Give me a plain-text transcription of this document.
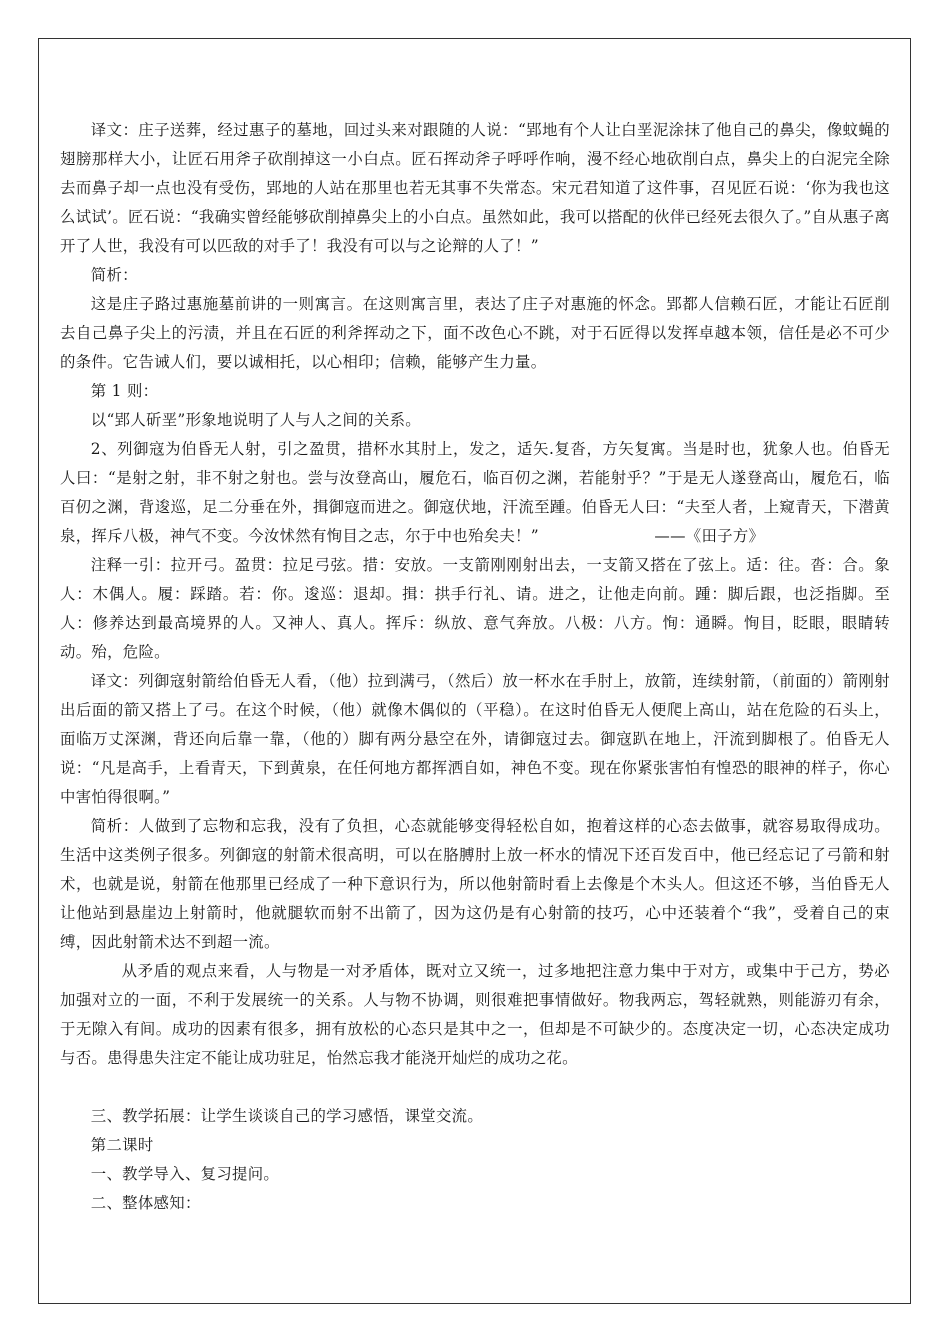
译文：庄子送葬，经过惠子的墓地，回过头来对跟随的人说：“郢地有个人让白垩泥涂抹了他自己的鼻尖，像蚊蝇的翅膀那样大小，让匠石用斧子砍削掉这一小白点。匠石挥动斧子呼呼作响，漫不经心地砍削白点，鼻尖上的白泥完全除去而鼻子却一点也没有受伤，郢地的人站在那里也若无其事不失常态。宋元君知道了这件事，召见匠石说：‘你为我也这么试试’。匠石说：“我确实曾经能够砍削掉鼻尖上的小白点。虽然如此，我可以搭配的伙伴已经死去很久了。”自从惠子离开了人世，我没有可以匹敌的对手了！我没有可以与之论辩的人了！”

简析：

这是庄子路过惠施墓前讲的一则寓言。在这则寓言里，表达了庄子对惠施的怀念。郢都人信赖石匠，才能让石匠削去自己鼻子尖上的污渍，并且在石匠的利斧挥动之下，面不改色心不跳，对于石匠得以发挥卓越本领，信任是必不可少的条件。它告诫人们，要以诚相托，以心相印；信赖，能够产生力量。

第 1 则：

以“郢人斫垩”形象地说明了人与人之间的关系。

2、列御寇为伯昏无人射，引之盈贯，措杯水其肘上，发之，适矢.复沓，方矢复寓。当是时也，犹象人也。伯昏无人曰：“是射之射，非不射之射也。尝与汝登高山，履危石，临百仞之渊，若能射乎？”于是无人遂登高山，履危石，临百仞之渊，背逡巡，足二分垂在外，揖御寇而进之。御寇伏地，汗流至踵。伯昏无人曰：“夫至人者，上窥青天，下潜黄泉，挥斥八极，神气不变。今汝怵然有恂目之志，尔于中也殆矣夫！”	——《田子方》

注释一引：拉开弓。盈贯：拉足弓弦。措：安放。一支箭刚刚射出去，一支箭又搭在了弦上。适：往。沓：合。象人：木偶人。履：踩踏。若：你。逡巡：退却。揖：拱手行礼、请。进之，让他走向前。踵：脚后跟，也泛指脚。至人：修养达到最高境界的人。又神人、真人。挥斥：纵放、意气奔放。八极：八方。恂：通瞬。恂目，眨眼，眼睛转动。殆，危险。

译文：列御寇射箭给伯昏无人看，（他）拉到满弓，（然后）放一杯水在手肘上，放箭，连续射箭，（前面的）箭刚射出后面的箭又搭上了弓。在这个时候，（他）就像木偶似的（平稳）。在这时伯昏无人便爬上高山，站在危险的石头上，面临万丈深渊，背还向后靠一靠，（他的）脚有两分悬空在外，请御寇过去。御寇趴在地上，汗流到脚根了。伯昏无人说：“凡是高手，上看青天，下到黄泉，在任何地方都挥洒自如，神色不变。现在你紧张害怕有惶恐的眼神的样子，你心中害怕得很啊。”

简析：人做到了忘物和忘我，没有了负担，心态就能够变得轻松自如，抱着这样的心态去做事，就容易取得成功。生活中这类例子很多。列御寇的射箭术很高明，可以在胳膊肘上放一杯水的情况下还百发百中，他已经忘记了弓箭和射术，也就是说，射箭在他那里已经成了一种下意识行为，所以他射箭时看上去像是个木头人。但这还不够，当伯昏无人让他站到悬崖边上射箭时，他就腿软而射不出箭了，因为这仍是有心射箭的技巧，心中还装着个“我”，受着自己的束缚，因此射箭术达不到超一流。

从矛盾的观点来看，人与物是一对矛盾体，既对立又统一，过多地把注意力集中于对方，或集中于己方，势必加强对立的一面，不利于发展统一的关系。人与物不协调，则很难把事情做好。物我两忘，驾轻就熟，则能游刃有余，于无隙入有间。成功的因素有很多，拥有放松的心态只是其中之一，但却是不可缺少的。态度决定一切，心态决定成功与否。患得患失注定不能让成功驻足，怡然忘我才能浇开灿烂的成功之花。

三、教学拓展：让学生谈谈自己的学习感悟，课堂交流。

第二课时

一、教学导入、复习提问。

二、整体感知：
